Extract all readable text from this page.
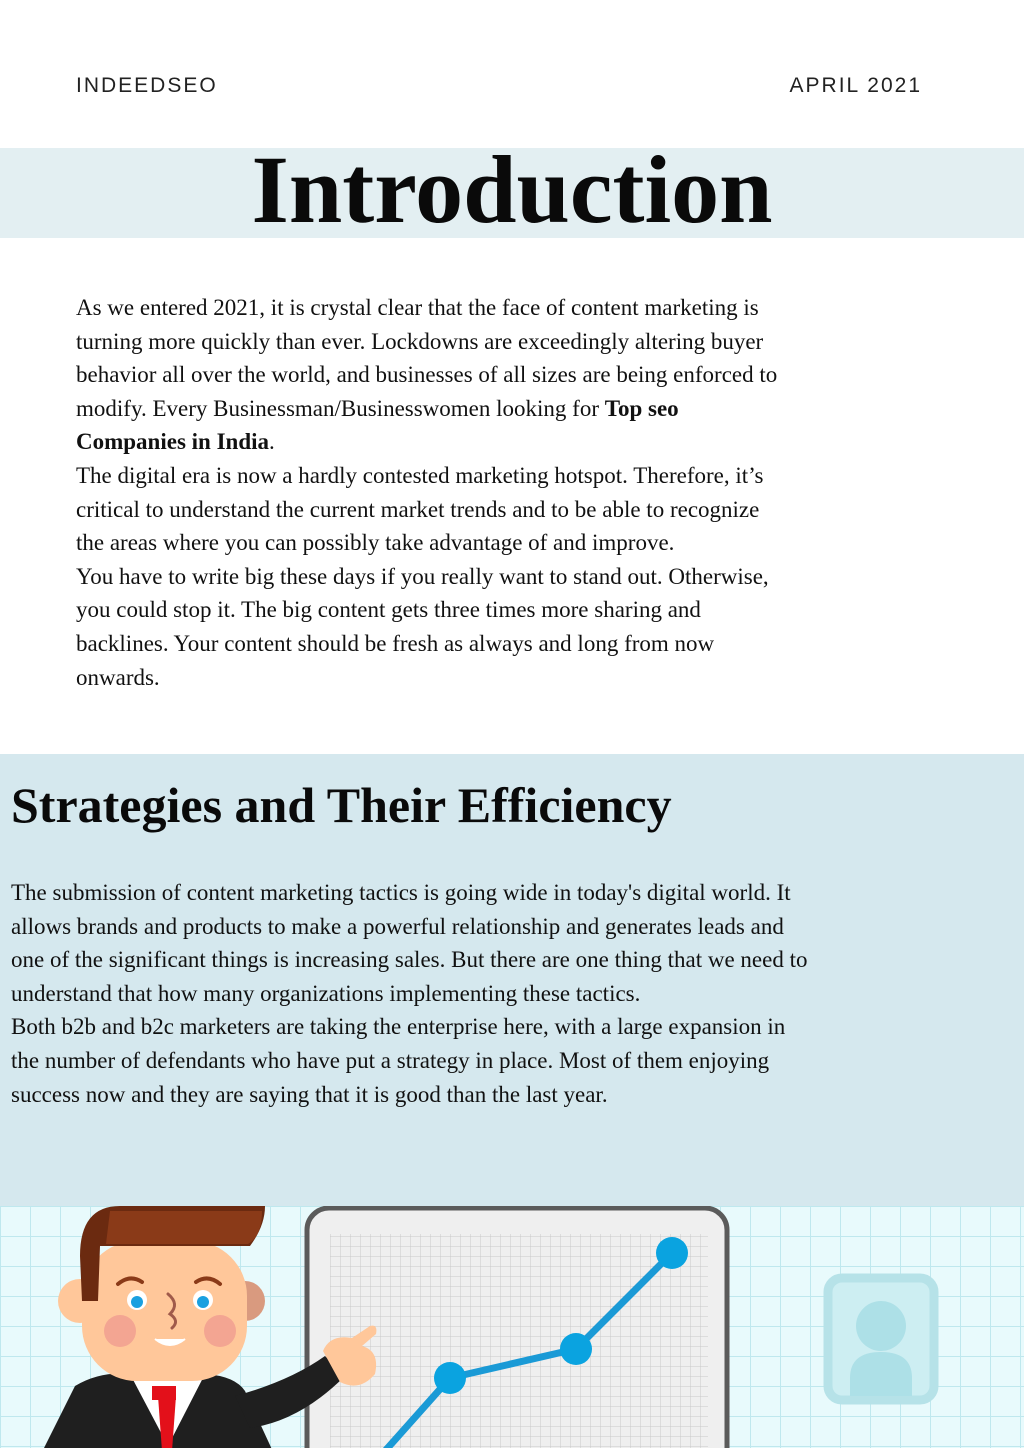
INDEEDSEO	APRIL 2021
Introduction

As we entered 2021, it is crystal clear that the face of content marketing is turning more quickly than ever. Lockdowns are exceedingly altering buyer behavior all over the world, and businesses of all sizes are being enforced to modify. Every Businessman/Businesswomen looking for Top seo Companies in India.

The digital era is now a hardly contested marketing hotspot. Therefore, it’s critical to understand the current market trends and to be able to recognize the areas where you can possibly take advantage of and improve.

You have to write big these days if you really want to stand out. Otherwise, you could stop it. The big content gets three times more sharing and backlines. Your content should be fresh as always and long from now onwards.

Strategies and Their Efficiency

The submission of content marketing tactics is going wide in today's digital world. It allows brands and products to make a powerful relationship and generates leads and one of the significant things is increasing sales. But there are one thing that we need to understand that how many organizations implementing these tactics.

Both b2b and b2c marketers are taking the enterprise here, with a large expansion in the number of defendants who have put a strategy in place. Most of them enjoying success now and they are saying that it is good than the last year.
